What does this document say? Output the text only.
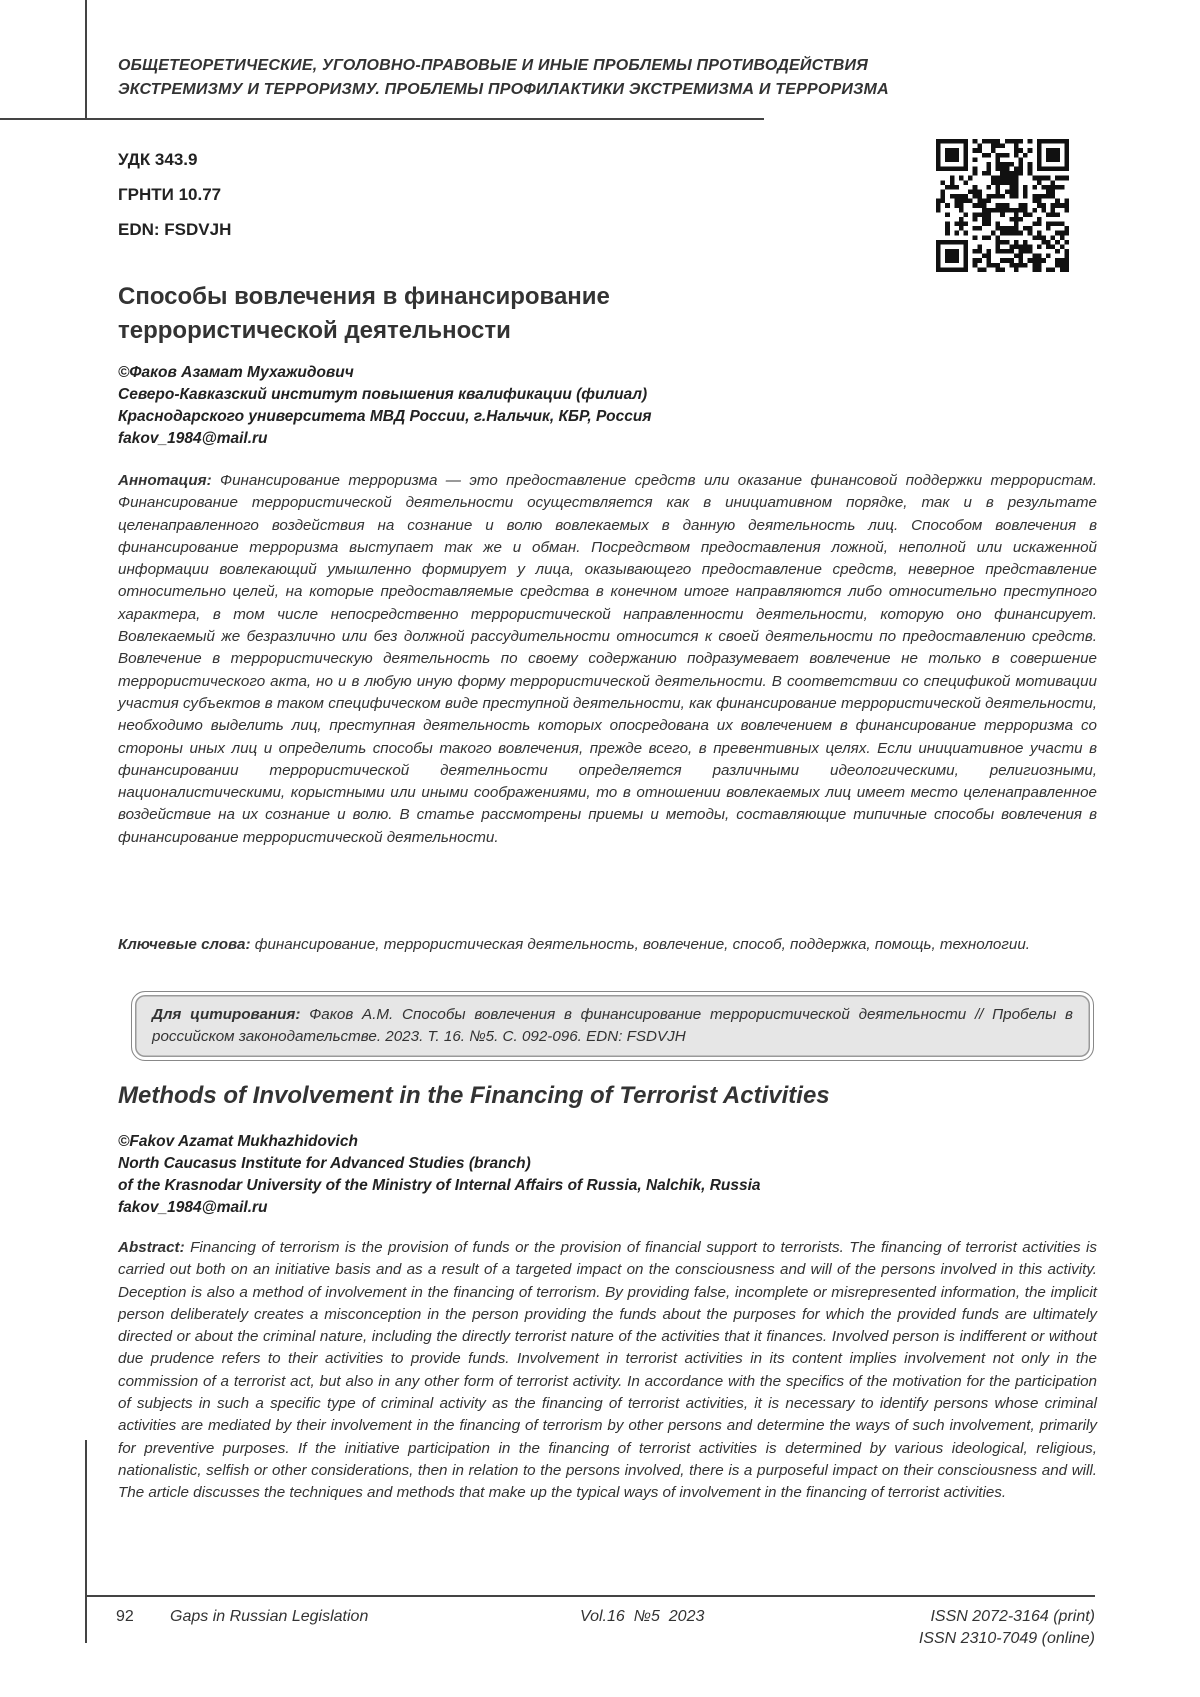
ОБЩЕТЕОРЕТИЧЕСКИЕ, УГОЛОВНО-ПРАВОВЫЕ И ИНЫЕ ПРОБЛЕМЫ ПРОТИВОДЕЙСТВИЯ
ЭКСТРЕМИЗМУ И ТЕРРОРИЗМУ. ПРОБЛЕМЫ ПРОФИЛАКТИКИ ЭКСТРЕМИЗМА И ТЕРРОРИЗМА
УДК 343.9
ГРНТИ 10.77
EDN: FSDVJH
Способы вовлечения в финансирование
террористической деятельности
©Факов Азамат Мухажидович
Северо-Кавказский институт повышения квалификации (филиал)
Краснодарского университета МВД России, г.Нальчик, КБР, Россия
fakov_1984@mail.ru
Аннотация: Финансирование терроризма — это предоставление средств или оказание финансовой поддержки террористам. Финансирование террористической деятельности осуществляется как в инициативном порядке, так и в результате целенаправленного воздействия на сознание и волю вовлекаемых в данную деятельность лиц. Способом вовлечения в финансирование терроризма выступает так же и обман. Посредством предоставления ложной, неполной или искаженной информации вовлекающий умышленно формирует у лица, оказывающего предоставление средств, неверное представление относительно целей, на которые предоставляемые средства в конечном итоге направляются либо относительно преступного характера, в том числе непосредственно террористической направленности деятельности, которую оно финансирует. Вовлекаемый же безразлично или без должной рассудительности относится к своей деятельности по предоставлению средств. Вовлечение в террористическую деятельность по своему содержанию подразумевает вовлечение не только в совершение террористического акта, но и в любую иную форму террористической деятельности. В соответствии со спецификой мотивации участия субъектов в таком специфическом виде преступной деятельности, как финансирование террористической деятельности, необходимо выделить лиц, преступная деятельность которых опосредована их вовлечением в финансирование терроризма со стороны иных лиц и определить способы такого вовлечения, прежде всего, в превентивных целях. Если инициативное участи в финансировании террористической деятелньости определяется различными идеологическими, религиозными, националистическими, корыстными или иными соображениями, то в отношении вовлекаемых лиц имеет место целенаправленное воздействие на их сознание и волю. В статье рассмотрены приемы и методы, составляющие типичные способы вовлечения в финансирование террористической деятельности.
Ключевые слова: финансирование, террористическая деятельность, вовлечение, способ, поддержка, помощь, технологии.
Для цитирования: Факов А.М. Способы вовлечения в финансирование террористической деятельности // Пробелы в российском законодательстве. 2023. Т. 16. №5. С. 092-096. EDN: FSDVJH
Methods of Involvement in the Financing of Terrorist Activities
©Fakov Azamat Mukhazhidovich
North Caucasus Institute for Advanced Studies (branch)
of the Krasnodar University of the Ministry of Internal Affairs of Russia, Nalchik, Russia
fakov_1984@mail.ru
Abstract: Financing of terrorism is the provision of funds or the provision of financial support to terrorists. The financing of terrorist activities is carried out both on an initiative basis and as a result of a targeted impact on the consciousness and will of the persons involved in this activity. Deception is also a method of involvement in the financing of terrorism. By providing false, incomplete or misrepresented information, the implicit person deliberately creates a misconception in the person providing the funds about the purposes for which the provided funds are ultimately directed or about the criminal nature, including the directly terrorist nature of the activities that it finances. Involved person is indifferent or without due prudence refers to their activities to provide funds. Involvement in terrorist activities in its content implies involvement not only in the commission of a terrorist act, but also in any other form of terrorist activity. In accordance with the specifics of the motivation for the participation of subjects in such a specific type of criminal activity as the financing of terrorist activities, it is necessary to identify persons whose criminal activities are mediated by their involvement in the financing of terrorism by other persons and determine the ways of such involvement, primarily for preventive purposes. If the initiative participation in the financing of terrorist activities is determined by various ideological, religious, nationalistic, selfish or other considerations, then in relation to the persons involved, there is a purposeful impact on their consciousness and will. The article discusses the techniques and methods that make up the typical ways of involvement in the financing of terrorist activities.
92 Gaps in Russian Legislation	Vol.16  №5  2023	ISSN 2072-3164 (print)
ISSN 2310-7049 (online)
